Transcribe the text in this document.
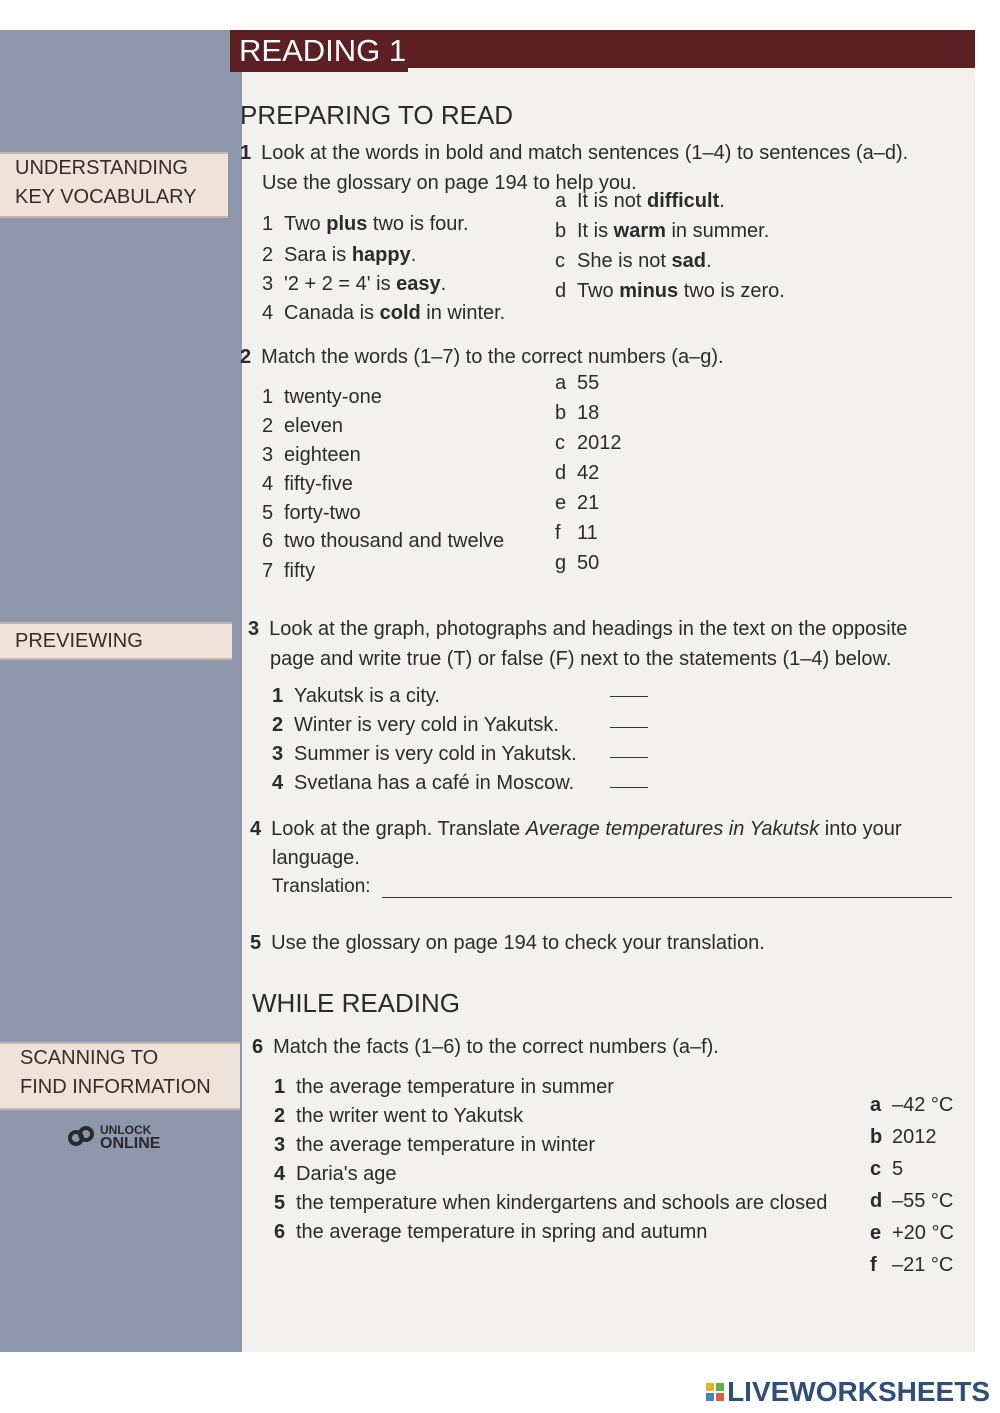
READING 1
UNDERSTANDING
KEY VOCABULARY
PREVIEWING
SCANNING TO
FIND INFORMATION
UNLOCK
ONLINE
PREPARING TO READ
1 Look at the words in bold and match sentences (1–4) to sentences (a–d).
Use the glossary on page 194 to help you.
1 Two plus two is four.
2 Sara is happy.
3 '2 + 2 = 4' is easy.
4 Canada is cold in winter.
a It is not difficult.
b It is warm in summer.
c She is not sad.
d Two minus two is zero.
2 Match the words (1–7) to the correct numbers (a–g).
1 twenty-one
2 eleven
3 eighteen
4 fifty-five
5 forty-two
6 two thousand and twelve
7 fifty
a 55
b 18
c 2012
d 42
e 21
f 11
g 50
3 Look at the graph, photographs and headings in the text on the opposite
page and write true (T) or false (F) next to the statements (1–4) below.
1 Yakutsk is a city.
2 Winter is very cold in Yakutsk.
3 Summer is very cold in Yakutsk.
4 Svetlana has a café in Moscow.
4 Look at the graph. Translate Average temperatures in Yakutsk into your
language.
Translation:
5 Use the glossary on page 194 to check your translation.
WHILE READING
6 Match the facts (1–6) to the correct numbers (a–f).
1 the average temperature in summer
2 the writer went to Yakutsk
3 the average temperature in winter
4 Daria's age
5 the temperature when kindergartens and schools are closed
6 the average temperature in spring and autumn
a –42 °C
b 2012
c 5
d –55 °C
e +20 °C
f –21 °C
LIVEWORKSHEETS
